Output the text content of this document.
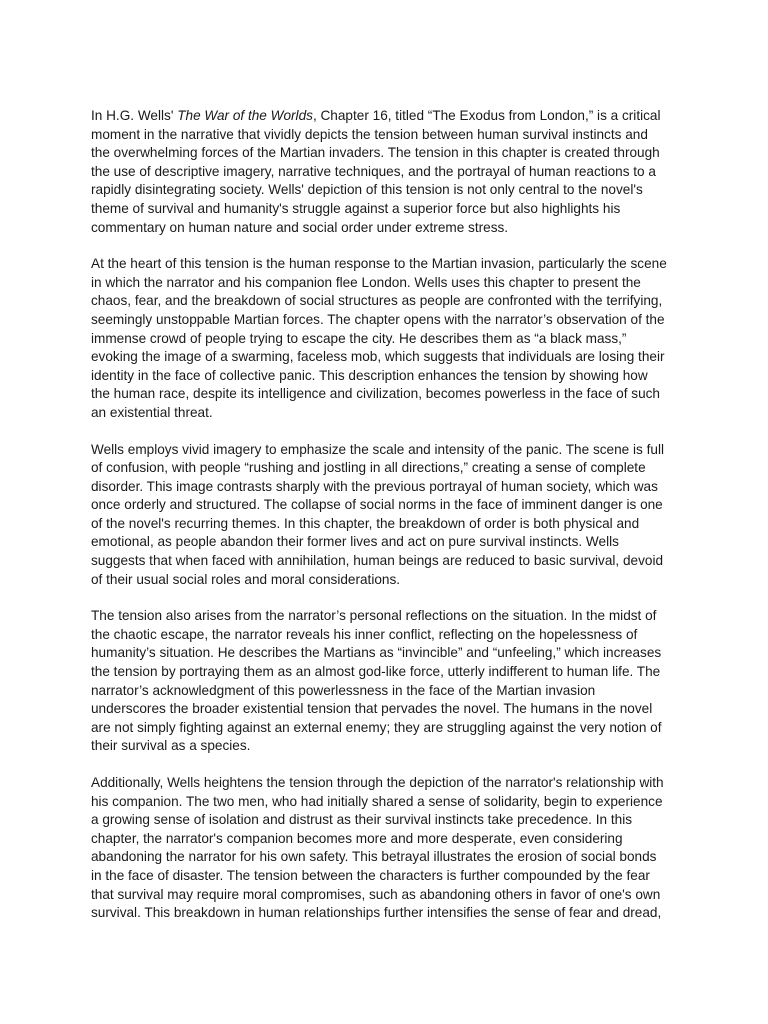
In H.G. Wells' The War of the Worlds, Chapter 16, titled “The Exodus from London,” is a critical
moment in the narrative that vividly depicts the tension between human survival instincts and
the overwhelming forces of the Martian invaders. The tension in this chapter is created through
the use of descriptive imagery, narrative techniques, and the portrayal of human reactions to a
rapidly disintegrating society. Wells' depiction of this tension is not only central to the novel's
theme of survival and humanity's struggle against a superior force but also highlights his
commentary on human nature and social order under extreme stress.

At the heart of this tension is the human response to the Martian invasion, particularly the scene
in which the narrator and his companion flee London. Wells uses this chapter to present the
chaos, fear, and the breakdown of social structures as people are confronted with the terrifying,
seemingly unstoppable Martian forces. The chapter opens with the narrator’s observation of the
immense crowd of people trying to escape the city. He describes them as “a black mass,”
evoking the image of a swarming, faceless mob, which suggests that individuals are losing their
identity in the face of collective panic. This description enhances the tension by showing how
the human race, despite its intelligence and civilization, becomes powerless in the face of such
an existential threat.

Wells employs vivid imagery to emphasize the scale and intensity of the panic. The scene is full
of confusion, with people “rushing and jostling in all directions,” creating a sense of complete
disorder. This image contrasts sharply with the previous portrayal of human society, which was
once orderly and structured. The collapse of social norms in the face of imminent danger is one
of the novel's recurring themes. In this chapter, the breakdown of order is both physical and
emotional, as people abandon their former lives and act on pure survival instincts. Wells
suggests that when faced with annihilation, human beings are reduced to basic survival, devoid
of their usual social roles and moral considerations.

The tension also arises from the narrator’s personal reflections on the situation. In the midst of
the chaotic escape, the narrator reveals his inner conflict, reflecting on the hopelessness of
humanity’s situation. He describes the Martians as “invincible” and “unfeeling,” which increases
the tension by portraying them as an almost god-like force, utterly indifferent to human life. The
narrator’s acknowledgment of this powerlessness in the face of the Martian invasion
underscores the broader existential tension that pervades the novel. The humans in the novel
are not simply fighting against an external enemy; they are struggling against the very notion of
their survival as a species.

Additionally, Wells heightens the tension through the depiction of the narrator's relationship with
his companion. The two men, who had initially shared a sense of solidarity, begin to experience
a growing sense of isolation and distrust as their survival instincts take precedence. In this
chapter, the narrator's companion becomes more and more desperate, even considering
abandoning the narrator for his own safety. This betrayal illustrates the erosion of social bonds
in the face of disaster. The tension between the characters is further compounded by the fear
that survival may require moral compromises, such as abandoning others in favor of one's own
survival. This breakdown in human relationships further intensifies the sense of fear and dread,
